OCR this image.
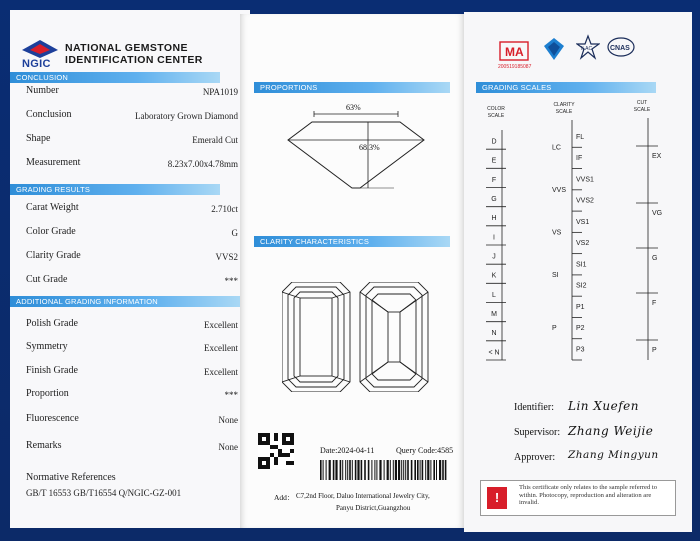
NGIC
NATIONAL GEMSTONE
IDENTIFICATION CENTER
CONCLUSION
Number	NPA1019
Conclusion	Laboratory Grown Diamond
Shape	Emerald Cut
Measurement	8.23x7.00x4.78mm
GRADING RESULTS
Carat Weight	2.710ct
Color Grade	G
Clarity Grade	VVS2
Cut Grade	***
ADDITIONAL GRADING INFORMATION
Polish Grade	Excellent
Symmetry	Excellent
Finish Grade	Excellent
Proportion	***
Fluorescence	None
Remarks	None
Normative References
GB/T 16553 GB/T16554 Q/NGIC-GZ-001
PROPORTIONS
63%
68.3%
CLARITY CHARACTERISTICS
Date:2024-04-11	Query Code:4585
Add： C7,2nd Floor, Daluo International Jewelry City,
Panyu District,Guangzhou
MA
200519185087
ILAC	CNAS
GRADING SCALES
COLOR
SCALE
CLARITY
SCALE
CUT
SCALE
D
E
F
G
H
I
J
K
L
M
N
< N
FL
IF
VVS1
VVS2
VS1
VS2
SI1
SI2
P1
P2
P3
LC
VVS
VS
SI
P
EX
VG
G
F
P
Identifier: Lin Xuefen
Supervisor: Zhang Weijie
Approver: Zhang Mingyun
!
This certificate only relates to the sample referred to within. Photocopy, reproduction and alteration are invalid.
